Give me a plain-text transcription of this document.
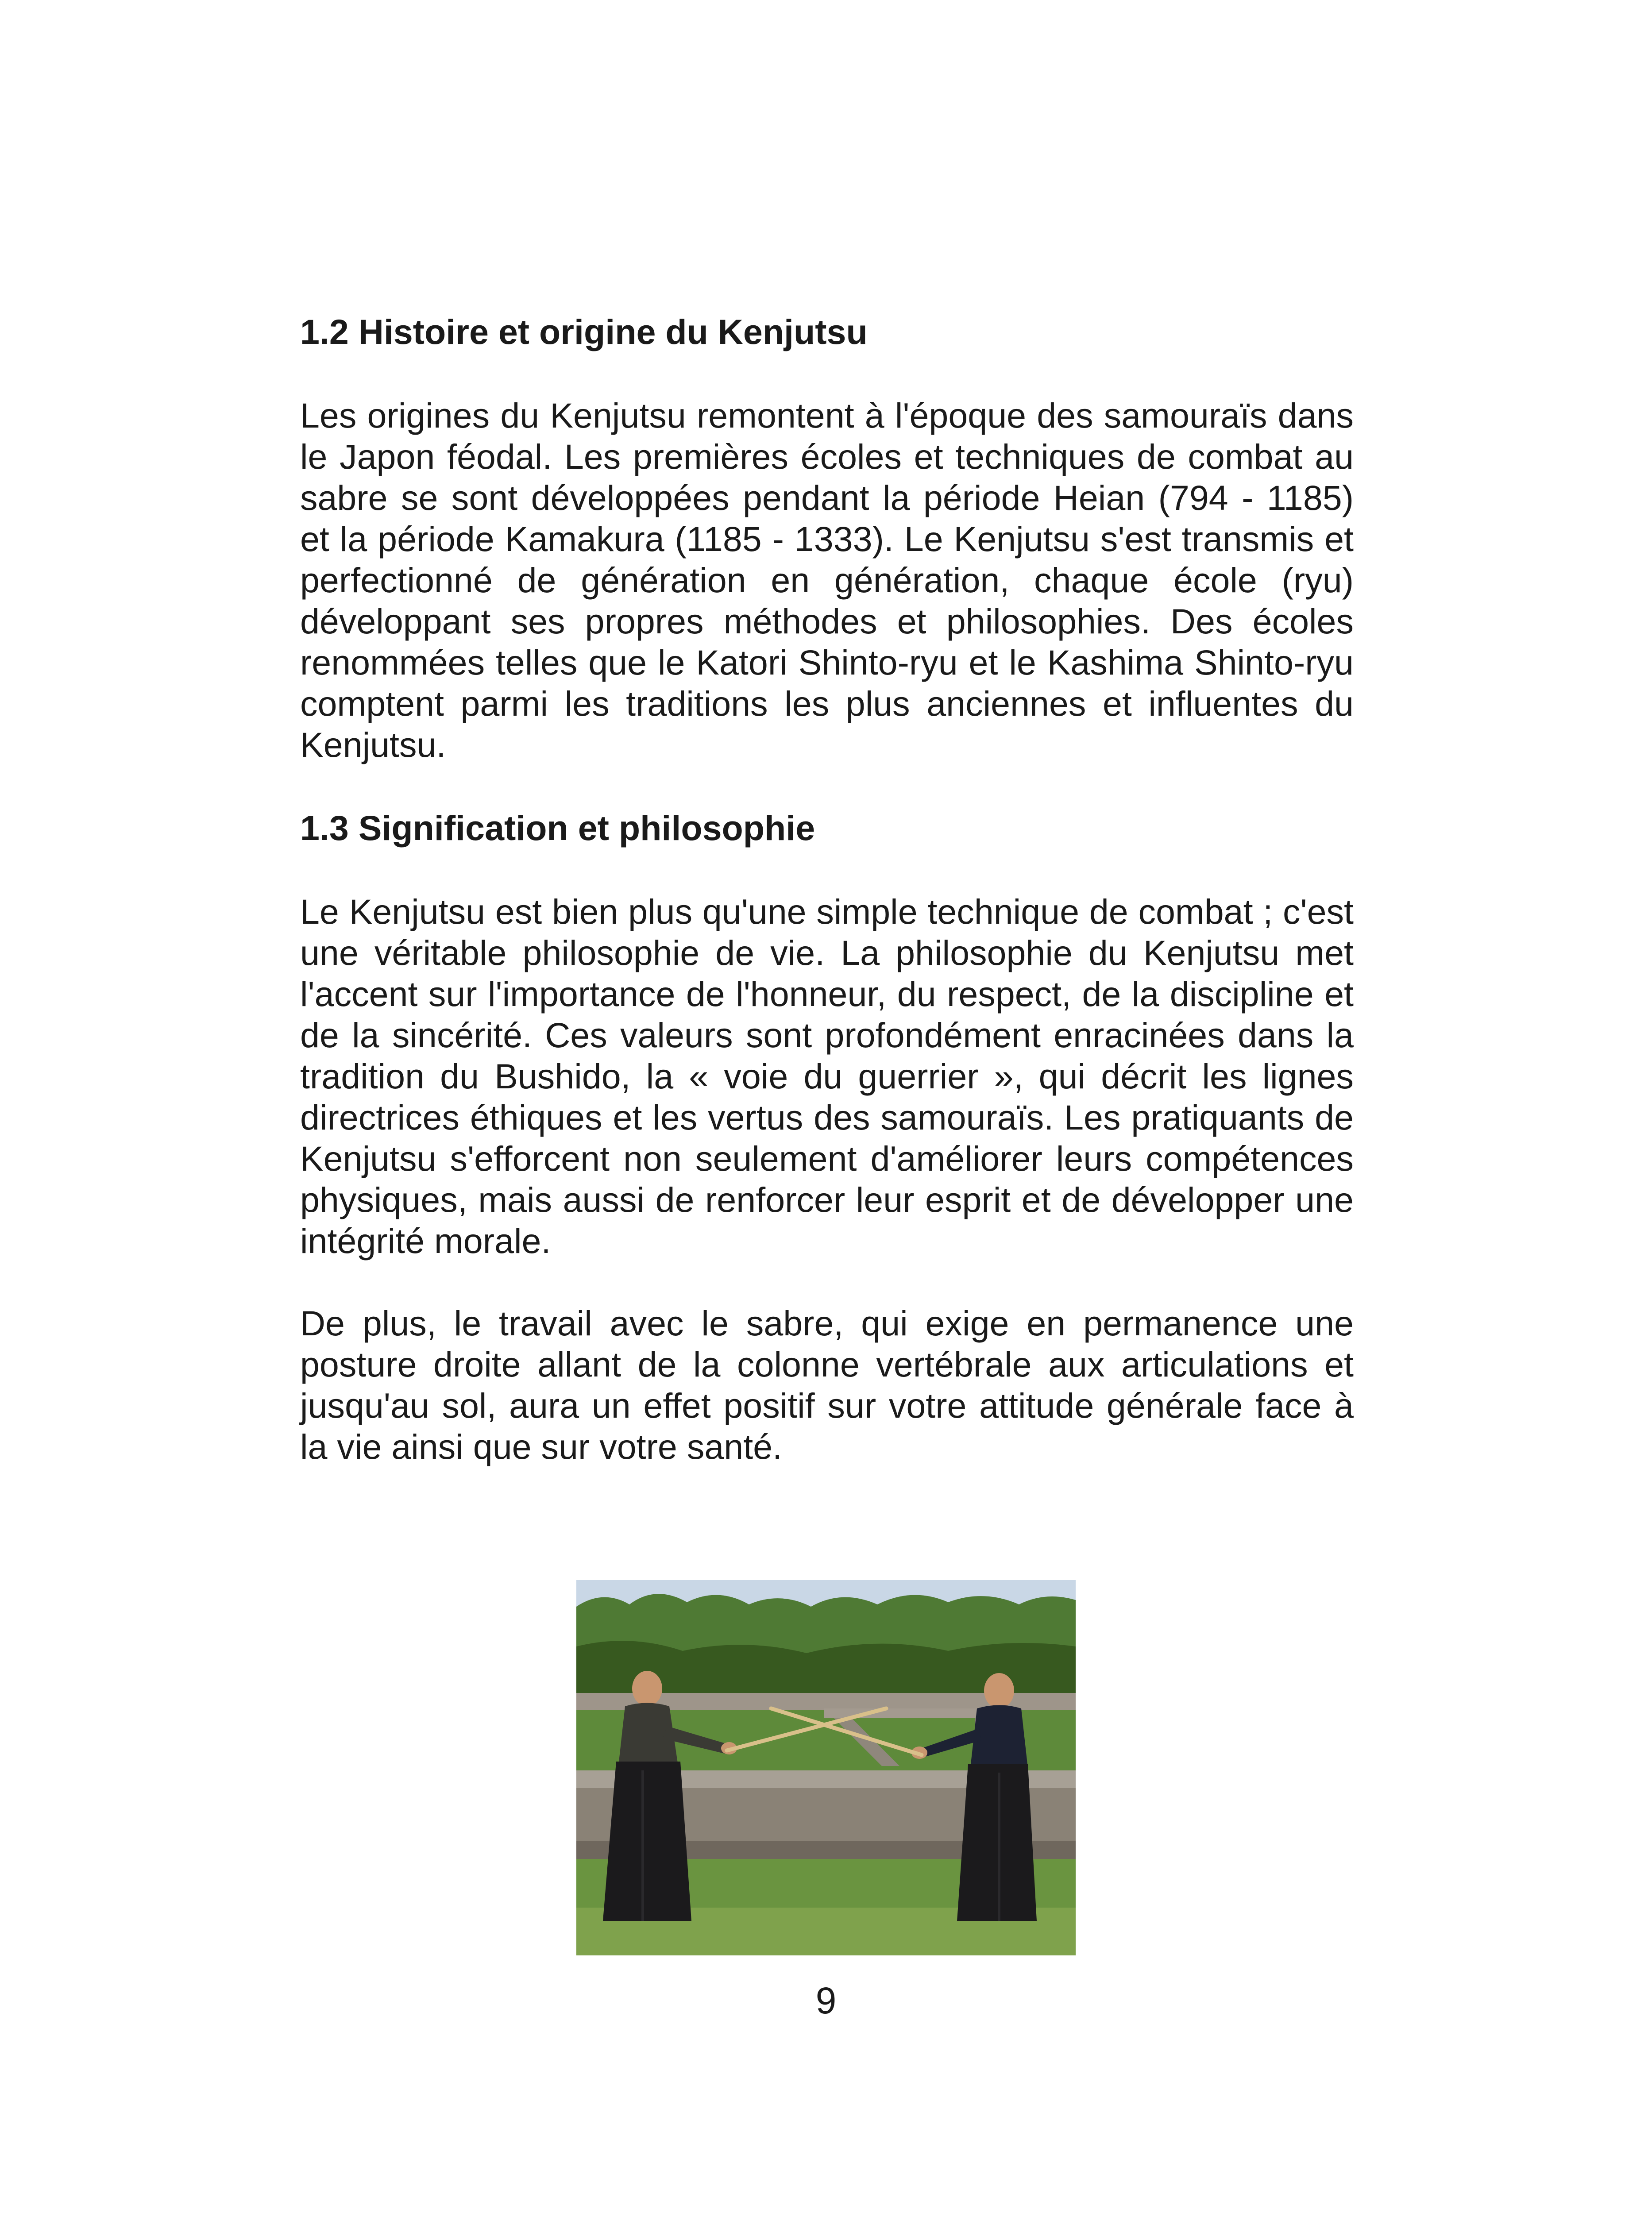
1.2 Histoire et origine du Kenjutsu

Les origines du Kenjutsu remontent à l'époque des samouraïs dans le Japon féodal. Les premières écoles et techniques de combat au sabre se sont développées pendant la période Heian (794 - 1185) et la période Kamakura (1185 - 1333). Le Kenjutsu s'est transmis et perfectionné de génération en génération, chaque école (ryu) développant ses propres méthodes et philosophies. Des écoles renommées telles que le Katori Shinto-ryu et le Kashima Shinto-ryu comptent parmi les traditions les plus anciennes et influentes du Kenjutsu.

1.3 Signification et philosophie

Le Kenjutsu est bien plus qu'une simple technique de combat ; c'est une véritable philosophie de vie. La philosophie du Kenjutsu met l'accent sur l'importance de l'honneur, du respect, de la discipline et de la sincérité. Ces valeurs sont profondément enracinées dans la tradition du Bushido, la « voie du guerrier », qui décrit les lignes directrices éthiques et les vertus des samouraïs. Les pratiquants de Kenjutsu s'efforcent non seulement d'améliorer leurs compétences physiques, mais aussi de renforcer leur esprit et de développer une intégrité morale.

De plus, le travail avec le sabre, qui exige en permanence une posture droite allant de la colonne vertébrale aux articulations et jusqu'au sol, aura un effet positif sur votre attitude générale face à la vie ainsi que sur votre santé.

9
